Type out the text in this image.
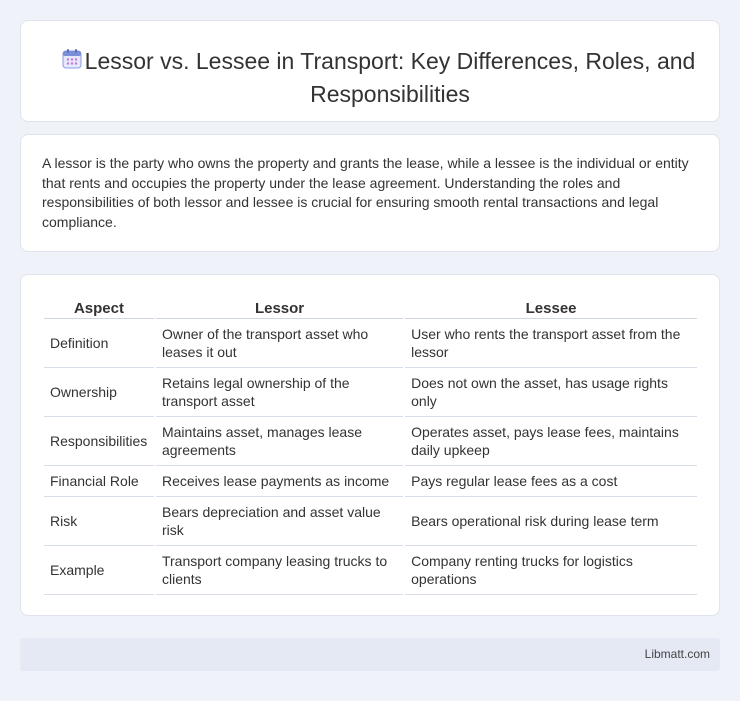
Lessor vs. Lessee in Transport: Key Differences, Roles, and Responsibilities

A lessor is the party who owns the property and grants the lease, while a lessee is the individual or entity that rents and occupies the property under the lease agreement. Understanding the roles and responsibilities of both lessor and lessee is crucial for ensuring smooth rental transactions and legal compliance.

Aspect	Lessor	Lessee
Definition	Owner of the transport asset who leases it out	User who rents the transport asset from the lessor
Ownership	Retains legal ownership of the transport asset	Does not own the asset, has usage rights only
Responsibilities	Maintains asset, manages lease agreements	Operates asset, pays lease fees, maintains daily upkeep
Financial Role	Receives lease payments as income	Pays regular lease fees as a cost
Risk	Bears depreciation and asset value risk	Bears operational risk during lease term
Example	Transport company leasing trucks to clients	Company renting trucks for logistics operations
Libmatt.com
